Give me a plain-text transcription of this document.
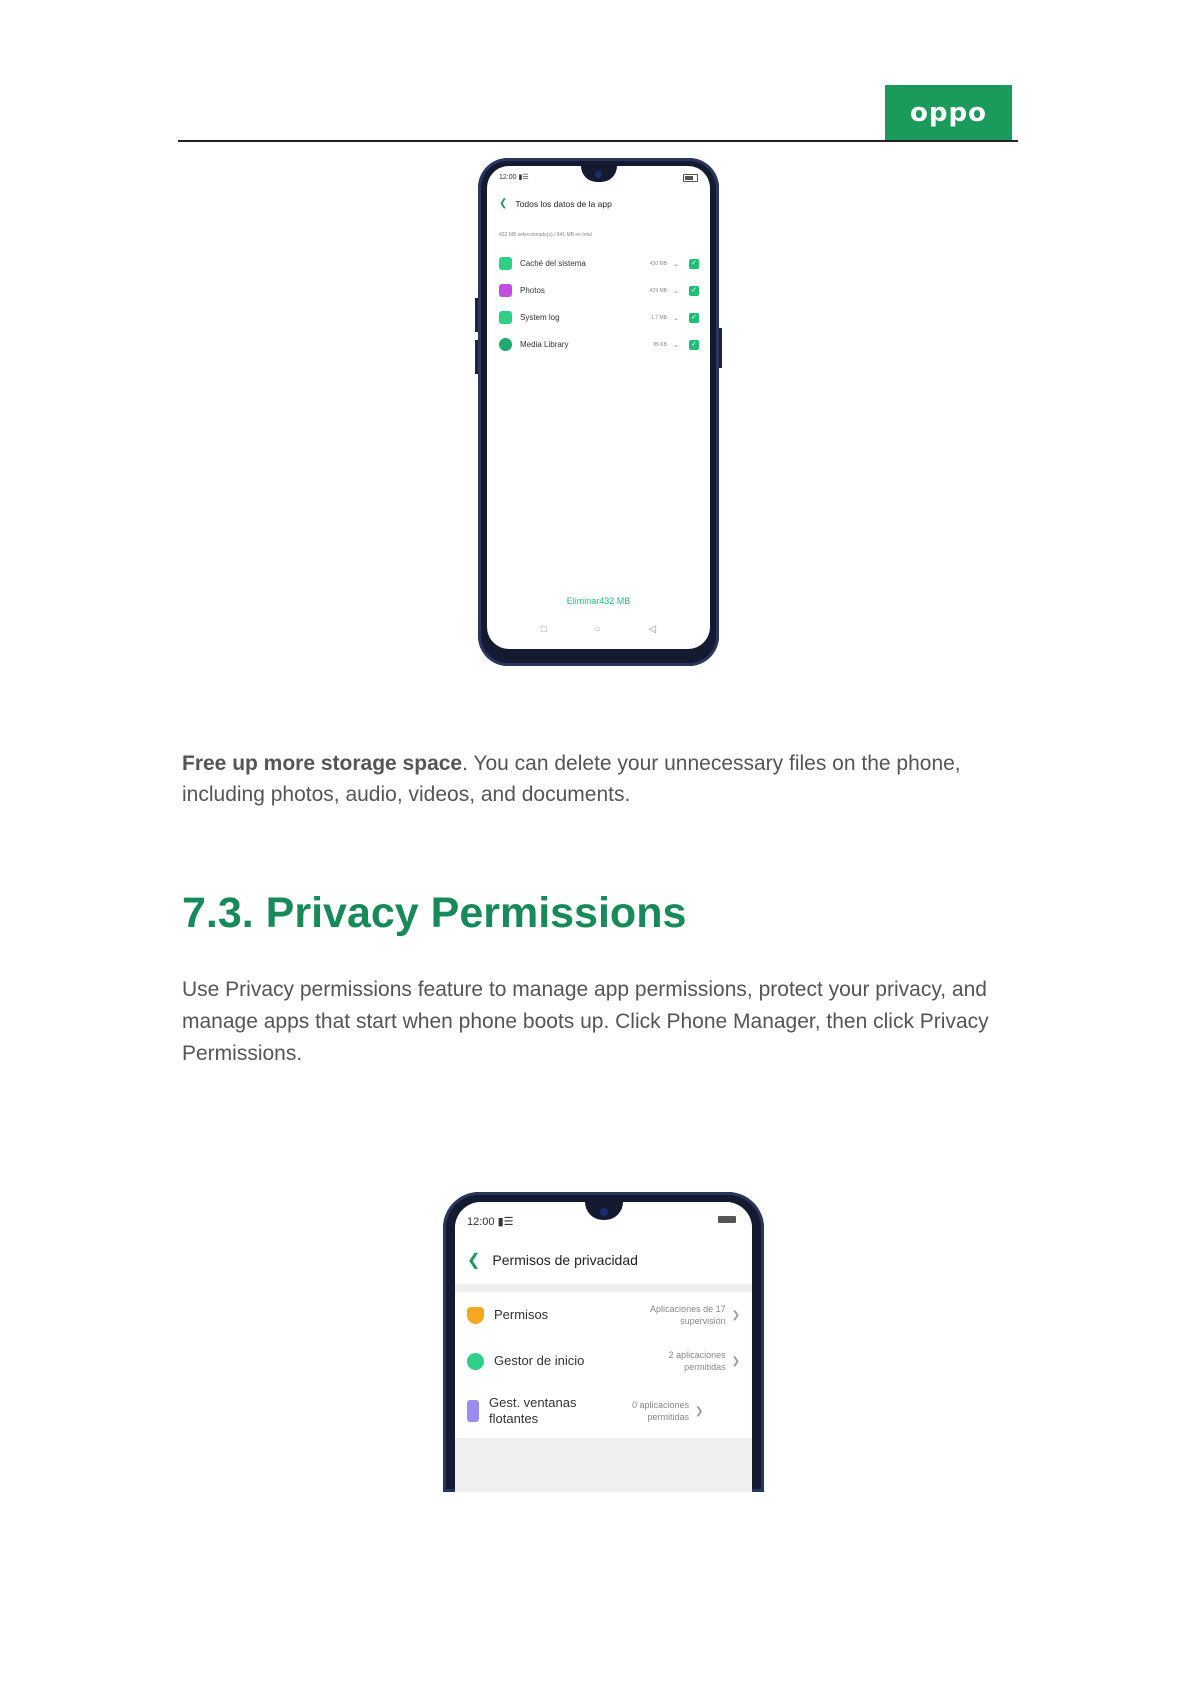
oppo
12:00 ▮☰
❮ Todos los datos de la app
432 MB seleccionado(s) / 841 MB en total
Caché del sistema	430 MB ⌄	✓
Photos	429 MB ⌄	✓
System log	1.7 MB ⌄	✓
Media Library	85 KB ⌄	✓
Eliminar432 MB
□	○	◁
Free up more storage space. You can delete your unnecessary files on the phone, including photos, audio, videos, and documents.
7.3. Privacy Permissions
Use Privacy permissions feature to manage app permissions, protect your privacy, and manage apps that start when phone boots up. Click Phone Manager, then click Privacy Permissions.
12:00 ▮☰
❮ Permisos de privacidad
Permisos	Aplicaciones de 17 supervisión
❯
Gestor de inicio	2 aplicaciones permitidas
❯
Gest. ventanas flotantes
0 aplicaciones permitidas
❯
